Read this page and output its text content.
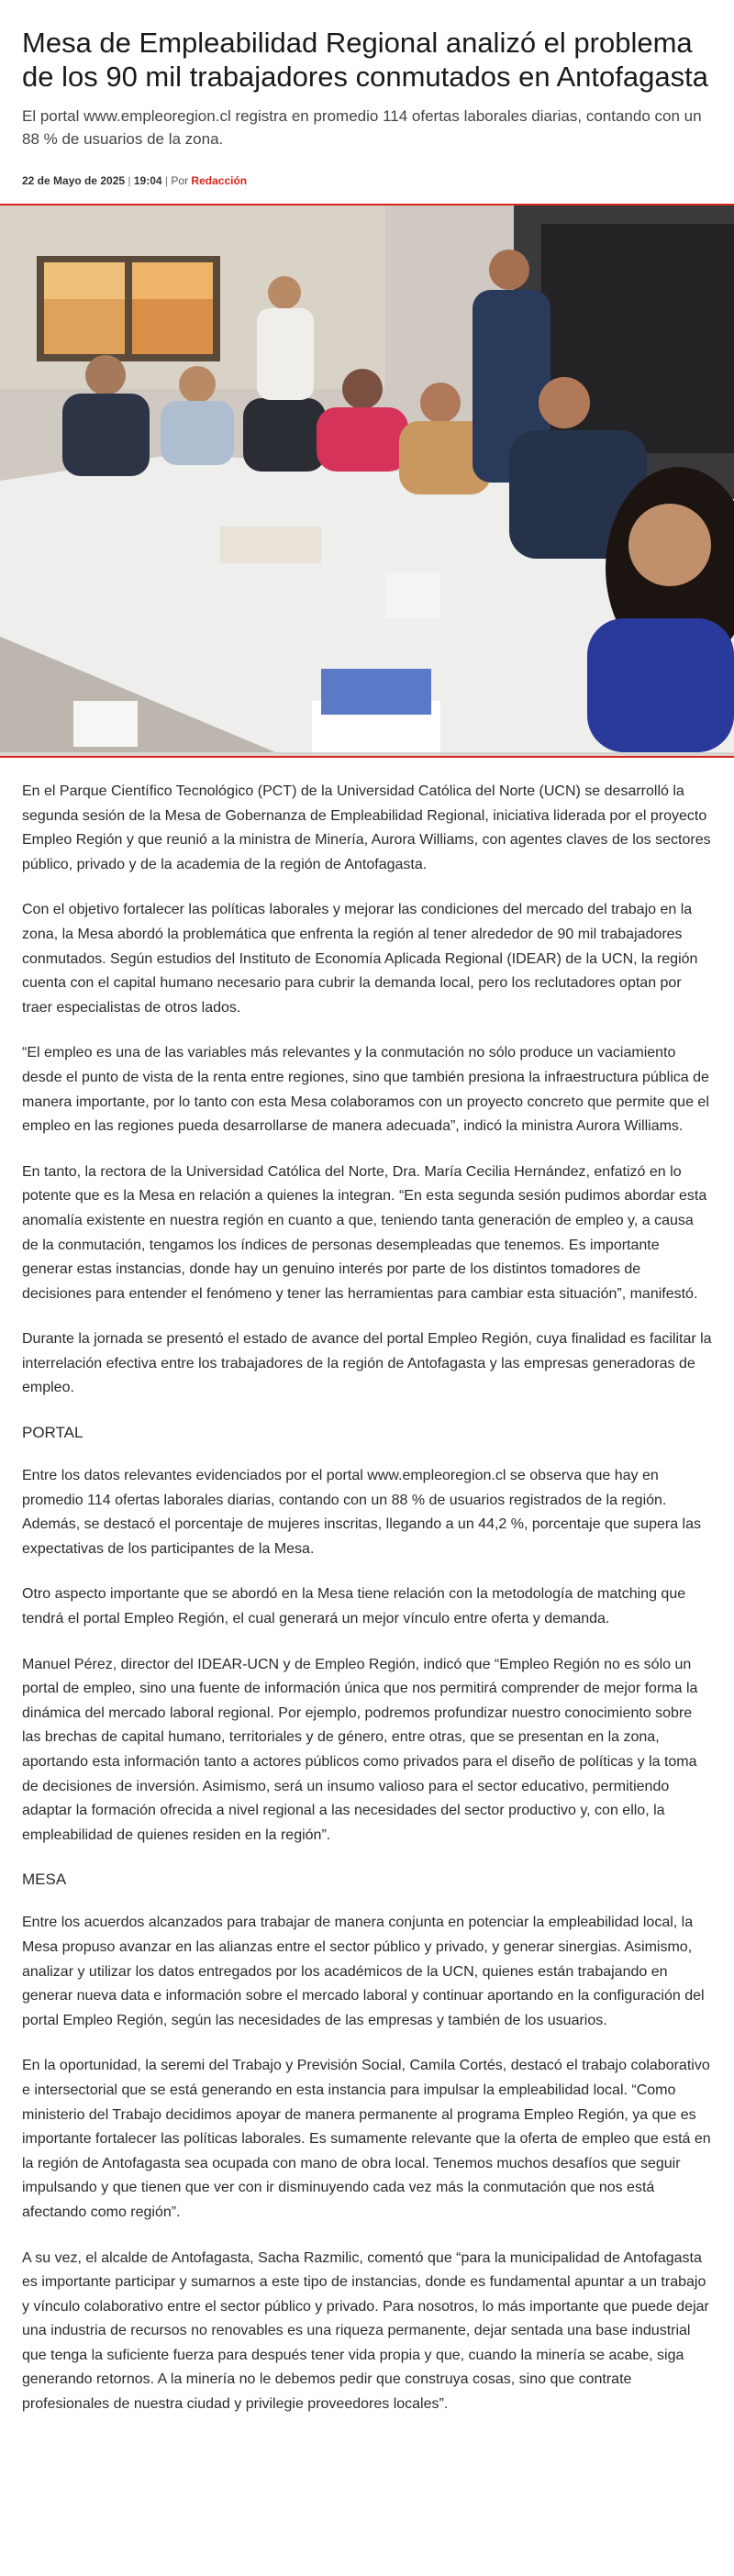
Mesa de Empleabilidad Regional analizó el problema de los 90 mil trabajadores conmutados en Antofagasta

El portal www.empleoregion.cl registra en promedio 114 ofertas laborales diarias, contando con un 88 % de usuarios de la zona.

22 de Mayo de 2025 | 19:04 | Por Redacción

En el Parque Científico Tecnológico (PCT) de la Universidad Católica del Norte (UCN) se desarrolló la segunda sesión de la Mesa de Gobernanza de Empleabilidad Regional, iniciativa liderada por el proyecto Empleo Región y que reunió a la ministra de Minería, Aurora Williams, con agentes claves de los sectores público, privado y de la academia de la región de Antofagasta.

Con el objetivo fortalecer las políticas laborales y mejorar las condiciones del mercado del trabajo en la zona, la Mesa abordó la problemática que enfrenta la región al tener alrededor de 90 mil trabajadores conmutados. Según estudios del Instituto de Economía Aplicada Regional (IDEAR) de la UCN, la región cuenta con el capital humano necesario para cubrir la demanda local, pero los reclutadores optan por traer especialistas de otros lados.

“El empleo es una de las variables más relevantes y la conmutación no sólo produce un vaciamiento desde el punto de vista de la renta entre regiones, sino que también presiona la infraestructura pública de manera importante, por lo tanto con esta Mesa colaboramos con un proyecto concreto que permite que el empleo en las regiones pueda desarrollarse de manera adecuada”, indicó la ministra Aurora Williams.

En tanto, la rectora de la Universidad Católica del Norte, Dra. María Cecilia Hernández, enfatizó en lo potente que es la Mesa en relación a quienes la integran. “En esta segunda sesión pudimos abordar esta anomalía existente en nuestra región en cuanto a que, teniendo tanta generación de empleo y, a causa de la conmutación, tengamos los índices de personas desempleadas que tenemos. Es importante generar estas instancias, donde hay un genuino interés por parte de los distintos tomadores de decisiones para entender el fenómeno y tener las herramientas para cambiar esta situación”, manifestó.

Durante la jornada se presentó el estado de avance del portal Empleo Región, cuya finalidad es facilitar la interrelación efectiva entre los trabajadores de la región de Antofagasta y las empresas generadoras de empleo.

PORTAL

Entre los datos relevantes evidenciados por el portal www.empleoregion.cl se observa que hay en promedio 114 ofertas laborales diarias, contando con un 88 % de usuarios registrados de la región. Además, se destacó el porcentaje de mujeres inscritas, llegando a un 44,2 %, porcentaje que supera las expectativas de los participantes de la Mesa.

Otro aspecto importante que se abordó en la Mesa tiene relación con la metodología de matching que tendrá el portal Empleo Región, el cual generará un mejor vínculo entre oferta y demanda.

Manuel Pérez, director del IDEAR-UCN y de Empleo Región, indicó que “Empleo Región no es sólo un portal de empleo, sino una fuente de información única que nos permitirá comprender de mejor forma la dinámica del mercado laboral regional. Por ejemplo, podremos profundizar nuestro conocimiento sobre las brechas de capital humano, territoriales y de género, entre otras, que se presentan en la zona, aportando esta información tanto a actores públicos como privados para el diseño de políticas y la toma de decisiones de inversión. Asimismo, será un insumo valioso para el sector educativo, permitiendo adaptar la formación ofrecida a nivel regional a las necesidades del sector productivo y, con ello, la empleabilidad de quienes residen en la región”.

MESA

Entre los acuerdos alcanzados para trabajar de manera conjunta en potenciar la empleabilidad local, la Mesa propuso avanzar en las alianzas entre el sector público y privado, y generar sinergias. Asimismo, analizar y utilizar los datos entregados por los académicos de la UCN, quienes están trabajando en generar nueva data e información sobre el mercado laboral y continuar aportando en la configuración del portal Empleo Región, según las necesidades de las empresas y también de los usuarios.

En la oportunidad, la seremi del Trabajo y Previsión Social, Camila Cortés, destacó el trabajo colaborativo e intersectorial que se está generando en esta instancia para impulsar la empleabilidad local. “Como ministerio del Trabajo decidimos apoyar de manera permanente al programa Empleo Región, ya que es importante fortalecer las políticas laborales. Es sumamente relevante que la oferta de empleo que está en la región de Antofagasta sea ocupada con mano de obra local. Tenemos muchos desafíos que seguir impulsando y que tienen que ver con ir disminuyendo cada vez más la conmutación que nos está afectando como región”.

A su vez, el alcalde de Antofagasta, Sacha Razmilic, comentó que “para la municipalidad de Antofagasta es importante participar y sumarnos a este tipo de instancias, donde es fundamental apuntar a un trabajo y vínculo colaborativo entre el sector público y privado. Para nosotros, lo más importante que puede dejar una industria de recursos no renovables es una riqueza permanente, dejar sentada una base industrial que tenga la suficiente fuerza para después tener vida propia y que, cuando la minería se acabe, siga generando retornos. A la minería no le debemos pedir que construya cosas, sino que contrate profesionales de nuestra ciudad y privilegie proveedores locales”.
